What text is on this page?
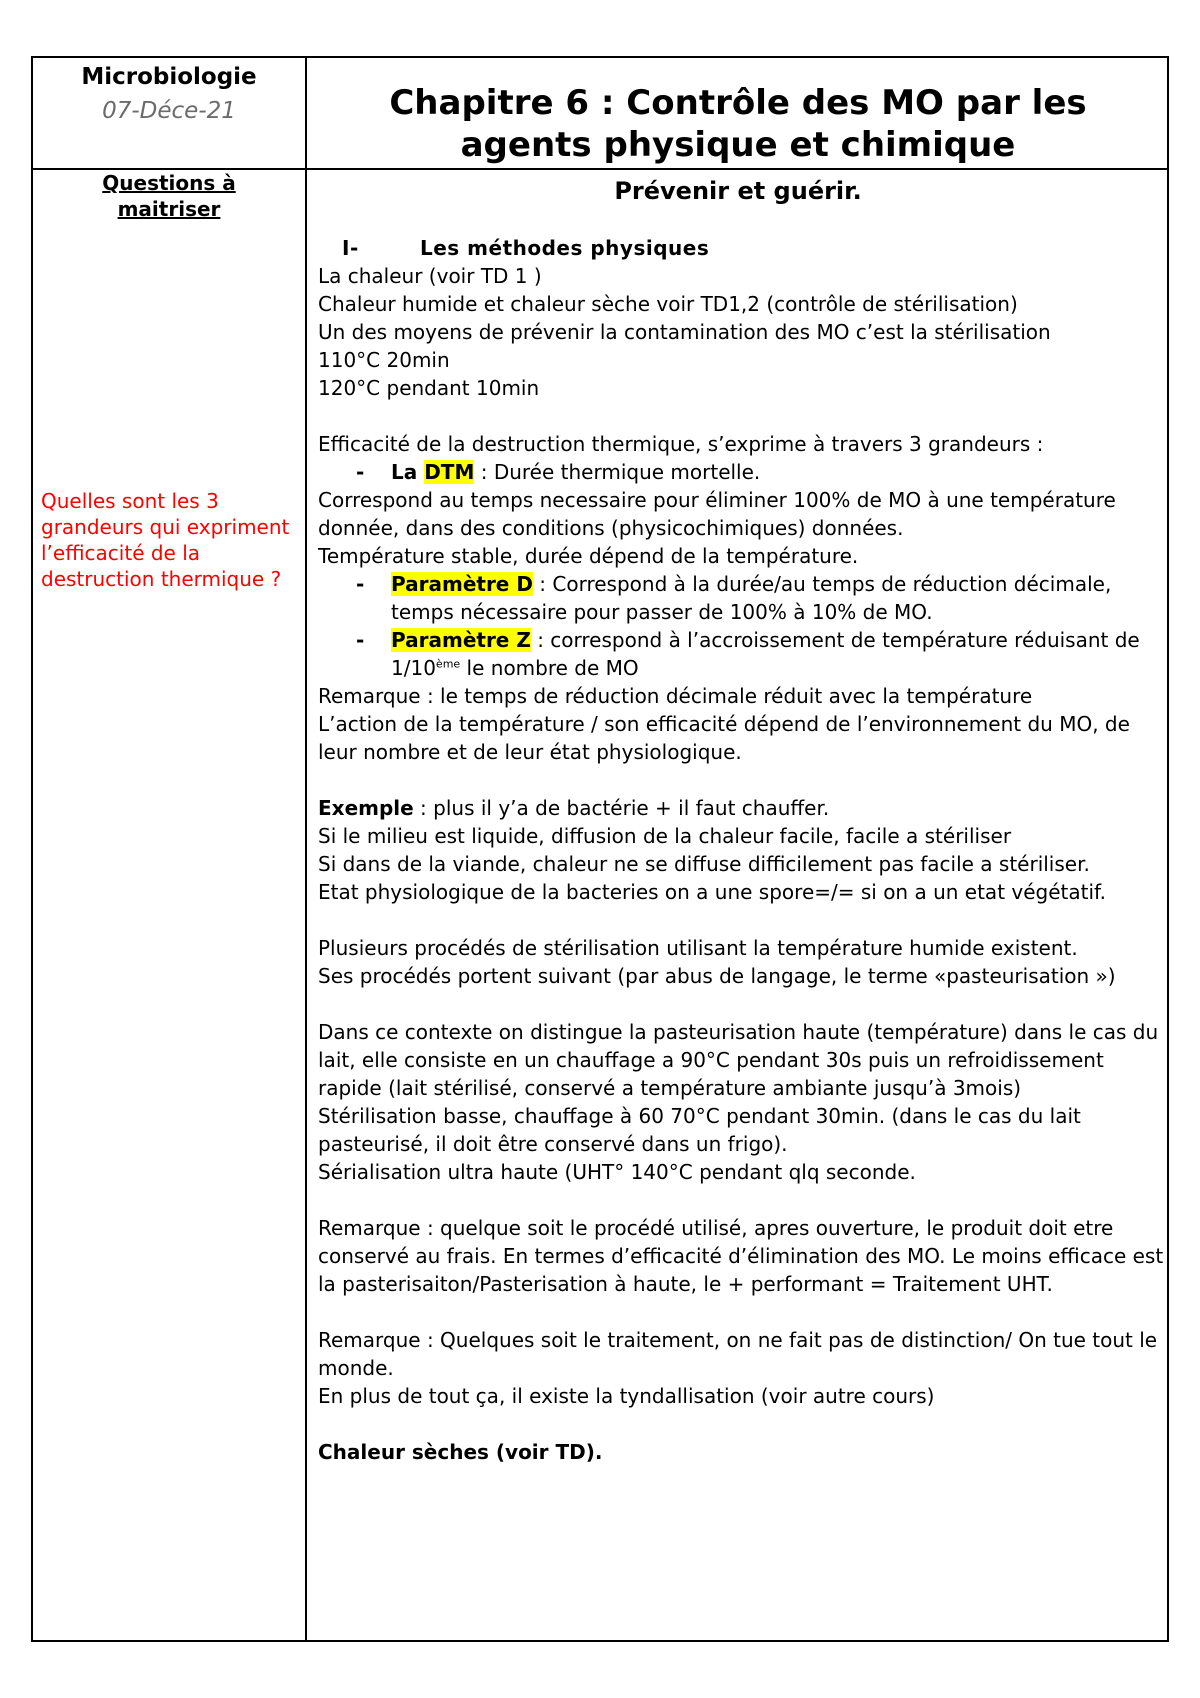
Microbiologie
07-Déce-21	Chapitre 6 : Contrôle des MO par les
agents physique et chimique
Questions à
maitriser
Quelles sont les 3 grandeurs qui expriment l’efficacité de la destruction thermique ?
Prévenir et guérir.

I-	Les méthodes physiques

La chaleur (voir TD 1 )

Chaleur humide et chaleur sèche voir TD1,2 (contrôle de stérilisation)

Un des moyens de prévenir la contamination des MO c’est la stérilisation

110°C 20min

120°C pendant 10min

Efficacité de la destruction thermique, s’exprime à travers 3 grandeurs :

- La DTM : Durée thermique mortelle.

Correspond au temps necessaire pour éliminer 100% de MO à une température donnée, dans des conditions (physicochimiques) données.

Température stable, durée dépend de la température.

- Paramètre D : Correspond à la durée/au temps de réduction décimale, temps nécessaire pour passer de 100% à 10% de MO.

- Paramètre Z : correspond à l’accroissement de température réduisant de 1/10ème le nombre de MO

Remarque : le temps de réduction décimale réduit avec la température

L’action de la température / son efficacité dépend de l’environnement du MO, de leur nombre et de leur état physiologique.

Exemple : plus il y’a de bactérie + il faut chauffer.

Si le milieu est liquide, diffusion de la chaleur facile, facile a stériliser

Si dans de la viande, chaleur ne se diffuse difficilement pas facile a stériliser.

Etat physiologique de la bacteries on a une spore=/= si on a un etat végétatif.

Plusieurs procédés de stérilisation utilisant la température humide existent.

Ses procédés portent suivant (par abus de langage, le terme «pasteurisation »)

Dans ce contexte on distingue la pasteurisation haute (température) dans le cas du lait, elle consiste en un chauffage a 90°C pendant 30s puis un refroidissement rapide (lait stérilisé, conservé a température ambiante jusqu’à 3mois)

Stérilisation basse, chauffage à 60 70°C pendant 30min. (dans le cas du lait pasteurisé, il doit être conservé dans un frigo).

Sérialisation ultra haute (UHT° 140°C pendant qlq seconde.

Remarque : quelque soit le procédé utilisé, apres ouverture, le produit doit etre conservé au frais. En termes d’efficacité d’élimination des MO. Le moins efficace est la pasterisaiton/Pasterisation à haute, le + performant = Traitement UHT.

Remarque : Quelques soit le traitement, on ne fait pas de distinction/ On tue tout le monde.

En plus de tout ça, il existe la tyndallisation (voir autre cours)

Chaleur sèches (voir TD).
